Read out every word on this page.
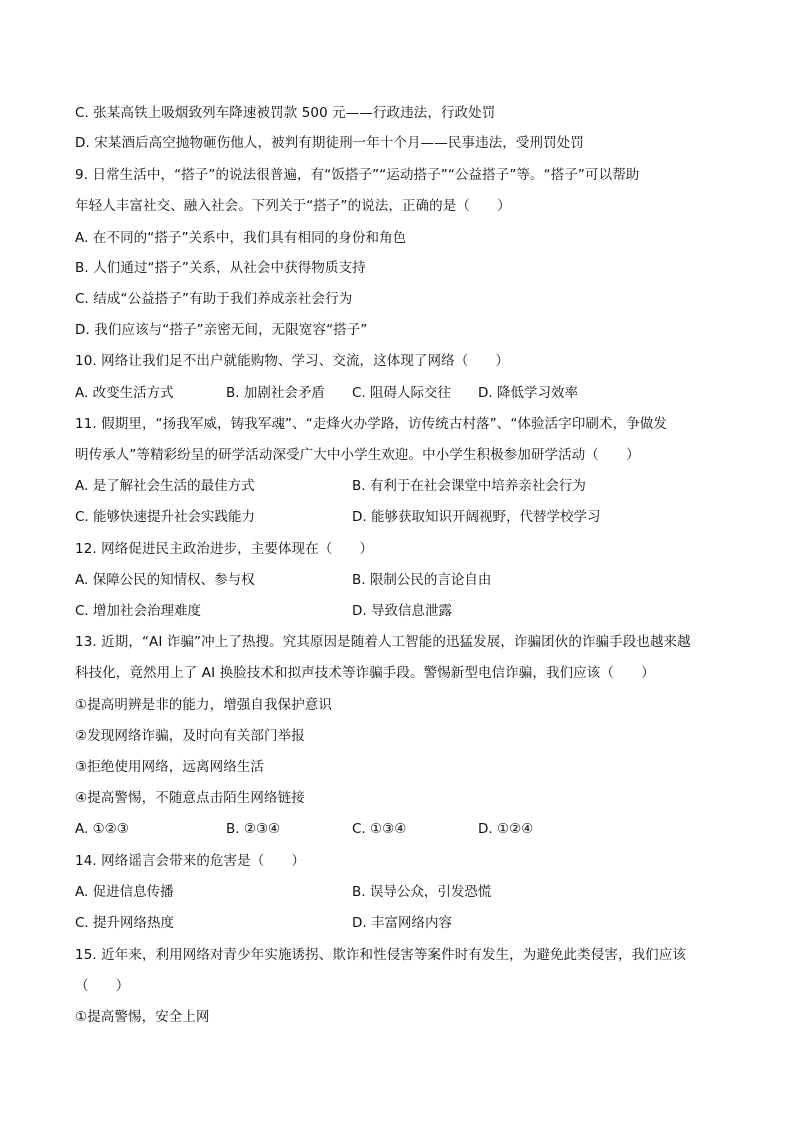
C. 张某高铁上吸烟致列车降速被罚款 500 元——行政违法，行政处罚
D. 宋某酒后高空抛物砸伤他人，被判有期徒刑一年十个月——民事违法，受刑罚处罚
9. 日常生活中，“搭子”的说法很普遍，有“饭搭子”“运动搭子”“公益搭子”等。“搭子”可以帮助
年轻人丰富社交、融入社会。下列关于“搭子”的说法，正确的是（　　）
A. 在不同的“搭子”关系中，我们具有相同的身份和角色
B. 人们通过“搭子”关系，从社会中获得物质支持
C. 结成“公益搭子”有助于我们养成亲社会行为
D. 我们应该与“搭子”亲密无间，无限宽容“搭子”
10. 网络让我们足不出户就能购物、学习、交流，这体现了网络（　　）
A. 改变生活方式	B. 加剧社会矛盾 C. 阻碍人际交往 D. 降低学习效率
11. 假期里，“扬我军威，铸我军魂”、“走烽火办学路，访传统古村落”、“体验活字印刷术，争做发
明传承人”等精彩纷呈的研学活动深受广大中小学生欢迎。中小学生积极参加研学活动（　　）
A. 是了解社会生活的最佳方式	B. 有利于在社会课堂中培养亲社会行为
C. 能够快速提升社会实践能力	D. 能够获取知识开阔视野，代替学校学习
12. 网络促进民主政治进步，主要体现在（　　）
A. 保障公民的知情权、参与权	B. 限制公民的言论自由
C. 增加社会治理难度	D. 导致信息泄露
13. 近期，“AI 诈骗”冲上了热搜。究其原因是随着人工智能的迅猛发展，诈骗团伙的诈骗手段也越来越
科技化，竟然用上了 AI 换脸技术和拟声技术等诈骗手段。警惕新型电信诈骗，我们应该（　　）
①提高明辨是非的能力，增强自我保护意识
②发现网络诈骗，及时向有关部门举报
③拒绝使用网络，远离网络生活
④提高警惕，不随意点击陌生网络链接
A. ①②③	B. ②③④	C. ①③④	D. ①②④
14. 网络谣言会带来的危害是（　　）
A. 促进信息传播	B. 误导公众，引发恐慌
C. 提升网络热度	D. 丰富网络内容
15. 近年来，利用网络对青少年实施诱拐、欺诈和性侵害等案件时有发生，为避免此类侵害，我们应该
（　　）
①提高警惕，安全上网
